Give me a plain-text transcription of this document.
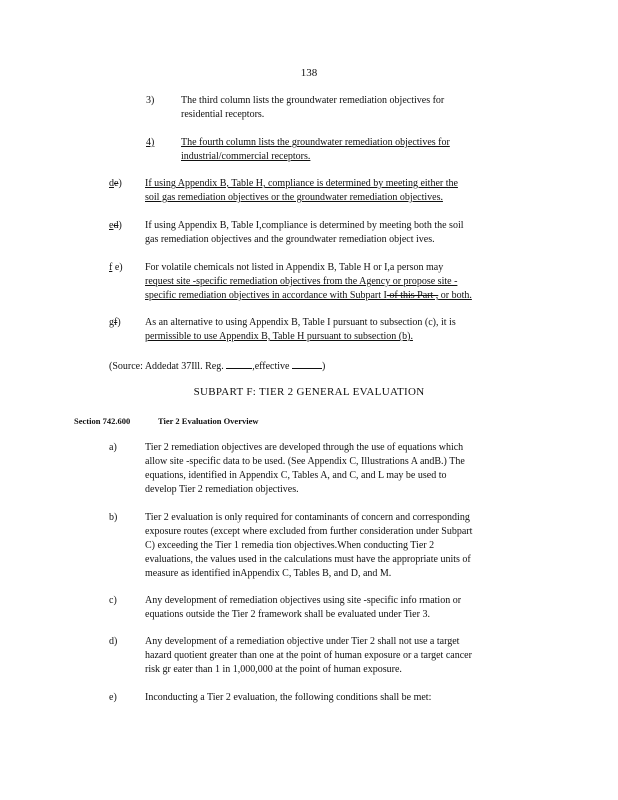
138
3)	The third column lists the groundwater remediation objectives for
residential receptors.
4)	The fourth column lists the groundwater remediation objectives for
industrial/commercial receptors.
de)	If using Appendix B, Table H, compliance is determined by meeting either the
soil gas remediation objectives or the groundwater remediation objectives.
ed)	If using Appendix B, Table I,compliance is determined by meeting both the soil
gas remediation objectives and the groundwater remediation object ives.
f e)	For volatile chemicals not listed in Appendix B, Table H or I,a person may
request site -specific remediation objectives from the Agency or propose site -
specific remediation objectives in accordance with Subpart I of this Part , or both.
gf)	As an alternative to using Appendix B, Table I pursuant to subsection (c), it is
permissible to use Appendix B, Table H pursuant to subsection (b).
(Source: Addedat 37Ill. Reg.	,effective	)
SUBPART F: TIER 2 GENERAL EVALUATION
Section 742.600	Tier 2 Evaluation Overview
a)	Tier 2 remediation objectives are developed through the use of equations which
allow site -specific data to be used. (See Appendix C, Illustrations A andB.) The
equations, identified in Appendix C, Tables A, and C, and L may be used to
develop Tier 2 remediation objectives.
b)	Tier 2 evaluation is only required for contaminants of concern and corresponding
exposure routes (except where excluded from further consideration under Subpart
C) exceeding the Tier 1 remedia tion objectives.When conducting Tier 2
evaluations, the values used in the calculations must have the appropriate units of
measure as identified inAppendix C, Tables B, and D, and M.
c)	Any development of remediation objectives using site -specific info rmation or
equations outside the Tier 2 framework shall be evaluated under Tier 3.
d)	Any development of a remediation objective under Tier 2 shall not use a target
hazard quotient greater than one at the point of human exposure or a target cancer
risk gr eater than 1 in 1,000,000 at the point of human exposure.
e)	Inconducting a Tier 2 evaluation, the following conditions shall be met:
